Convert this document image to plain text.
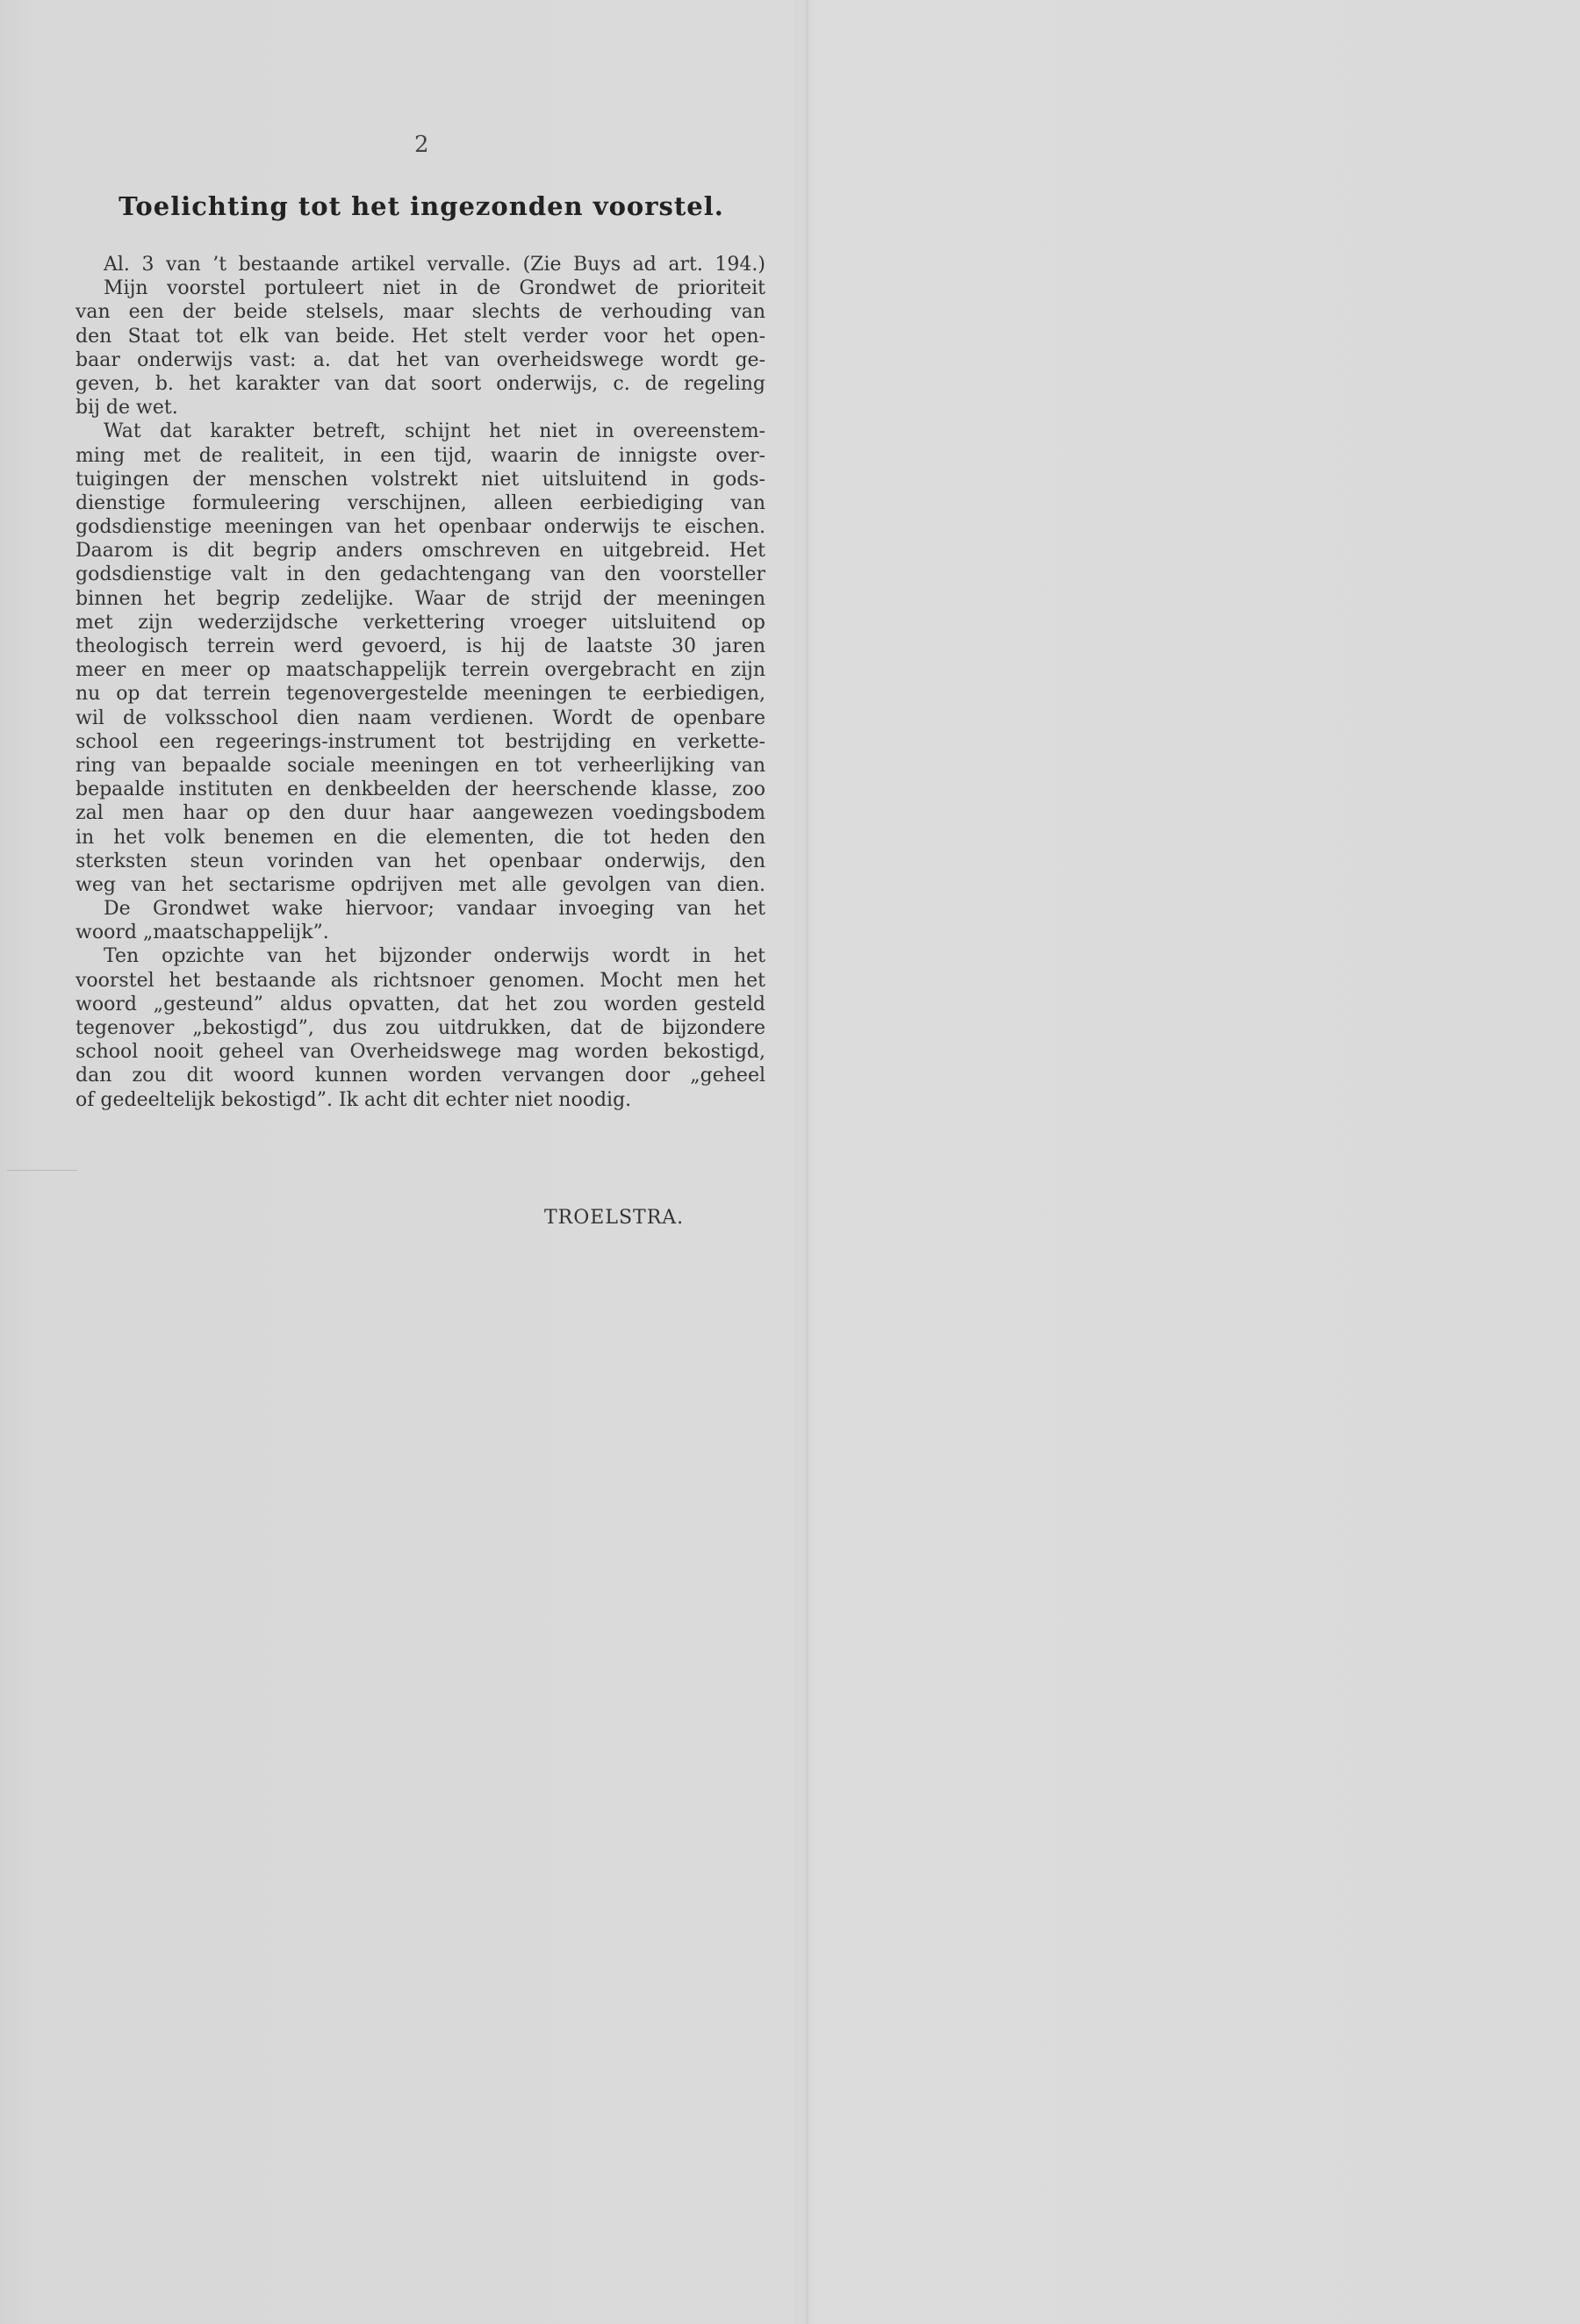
2
Toelichting tot het ingezonden voorstel.
Al. 3 van ’t bestaande artikel vervalle. (Zie Buys ad art. 194.)
Mijn voorstel portuleert niet in de Grondwet de prioriteit
van een der beide stelsels, maar slechts de verhouding van
den Staat tot elk van beide. Het stelt verder voor het open-
baar onderwijs vast: a. dat het van overheidswege wordt ge-
geven, b. het karakter van dat soort onderwijs, c. de regeling
bij de wet.
Wat dat karakter betreft, schijnt het niet in overeenstem-
ming met de realiteit, in een tijd, waarin de innigste over-
tuigingen der menschen volstrekt niet uitsluitend in gods-
dienstige formuleering verschijnen, alleen eerbiediging van
godsdienstige meeningen van het openbaar onderwijs te eischen.
Daarom is dit begrip anders omschreven en uitgebreid. Het
godsdienstige valt in den gedachtengang van den voorsteller
binnen het begrip zedelijke. Waar de strijd der meeningen
met zijn wederzijdsche verkettering vroeger uitsluitend op
theologisch terrein werd gevoerd, is hij de laatste 30 jaren
meer en meer op maatschappelijk terrein overgebracht en zijn
nu op dat terrein tegenovergestelde meeningen te eerbiedigen,
wil de volksschool dien naam verdienen. Wordt de openbare
school een regeerings-instrument tot bestrijding en verkette-
ring van bepaalde sociale meeningen en tot verheerlijking van
bepaalde instituten en denkbeelden der heerschende klasse, zoo
zal men haar op den duur haar aangewezen voedingsbodem
in het volk benemen en die elementen, die tot heden den
sterksten steun vorinden van het openbaar onderwijs, den
weg van het sectarisme opdrijven met alle gevolgen van dien.
De Grondwet wake hiervoor; vandaar invoeging van het
woord „maatschappelijk”.
Ten opzichte van het bijzonder onderwijs wordt in het
voorstel het bestaande als richtsnoer genomen. Mocht men het
woord „gesteund” aldus opvatten, dat het zou worden gesteld
tegenover „bekostigd”, dus zou uitdrukken, dat de bijzondere
school nooit geheel van Overheidswege mag worden bekostigd,
dan zou dit woord kunnen worden vervangen door „geheel
of gedeeltelijk bekostigd”. Ik acht dit echter niet noodig.
TROELSTRA.
